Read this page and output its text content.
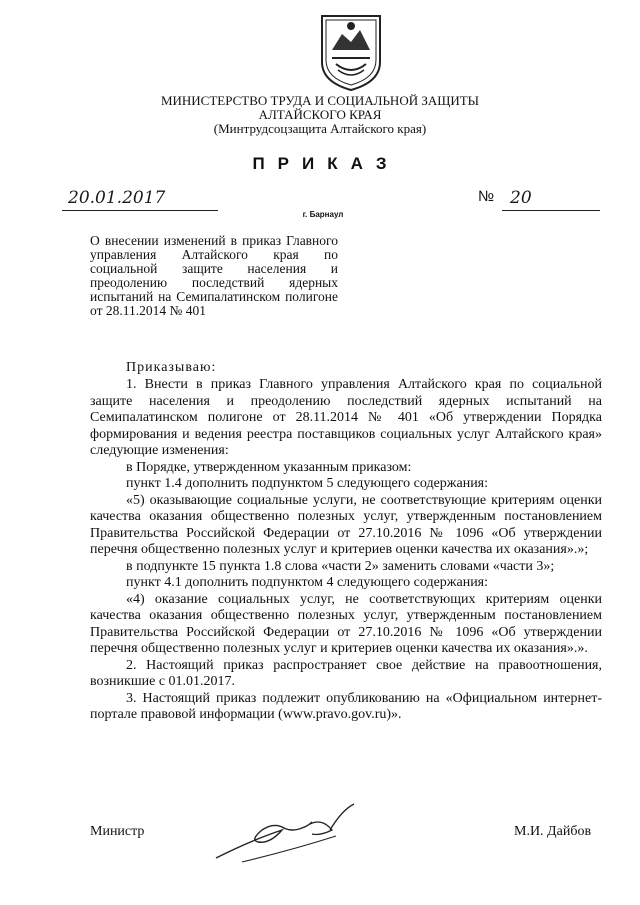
МИНИСТЕРСТВО ТРУДА И СОЦИАЛЬНОЙ ЗАЩИТЫ
АЛТАЙСКОГО КРАЯ
(Минтрудсоцзащита Алтайского края)
ПРИКАЗ
20.01.2017	№ 20
г. Барнаул

О внесении изменений в приказ Главного управления Алтайского края по социальной защите населения и преодолению последствий ядерных испытаний на Семипалатинском полигоне от 28.11.2014 № 401

Приказываю:

1. Внести в приказ Главного управления Алтайского края по социальной защите населения и преодолению последствий ядерных испытаний на Семипалатинском полигоне от 28.11.2014 № 401 «Об утверждении Порядка формирования и ведения реестра поставщиков социальных услуг Алтайского края» следующие изменения:

в Порядке, утвержденном указанным приказом:

пункт 1.4 дополнить подпунктом 5 следующего содержания:

«5) оказывающие социальные услуги, не соответствующие критериям оценки качества оказания общественно полезных услуг, утвержденным постановлением Правительства Российской Федерации от 27.10.2016 № 1096 «Об утверждении перечня общественно полезных услуг и критериев оценки качества их оказания».»;

в подпункте 15 пункта 1.8 слова «части 2» заменить словами «части 3»;

пункт 4.1 дополнить подпунктом 4 следующего содержания:

«4) оказание социальных услуг, не соответствующих критериям оценки качества оказания общественно полезных услуг, утвержденным постановлением Правительства Российской Федерации от 27.10.2016 № 1096 «Об утверждении перечня общественно полезных услуг и критериев оценки качества их оказания».».

2. Настоящий приказ распространяет свое действие на правоотношения, возникшие с 01.01.2017.

3. Настоящий приказ подлежит опубликованию на «Официальном интернет-портале правовой информации (www.pravo.gov.ru)».

Министр	М.И. Дайбов
